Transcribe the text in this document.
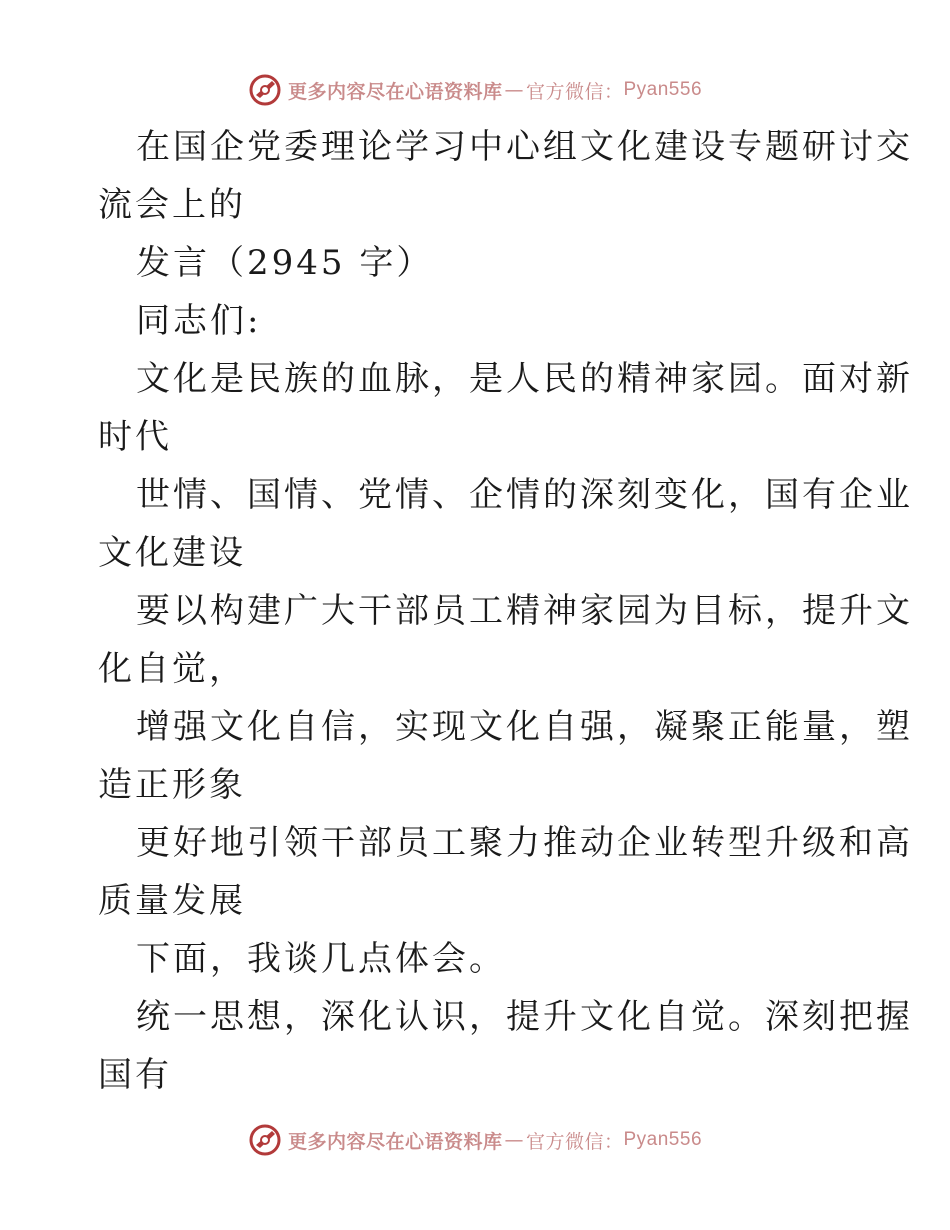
更多内容尽在心语资料库 — 官方微信： Pyan556

在国企党委理论学习中心组文化建设专题研讨交
流会上的

发言（2945 字）

同志们:

文化是民族的血脉，是人民的精神家园。面对新
时代

世情、国情、党情、企情的深刻变化，国有企业
文化建设

要以构建广大干部员工精神家园为目标，提升文
化自觉，

增强文化自信，实现文化自强，凝聚正能量，塑
造正形象

更好地引领干部员工聚力推动企业转型升级和高
质量发展

下面，我谈几点体会。

统一思想，深化认识，提升文化自觉。深刻把握
国有

更多内容尽在心语资料库 — 官方微信： Pyan556
